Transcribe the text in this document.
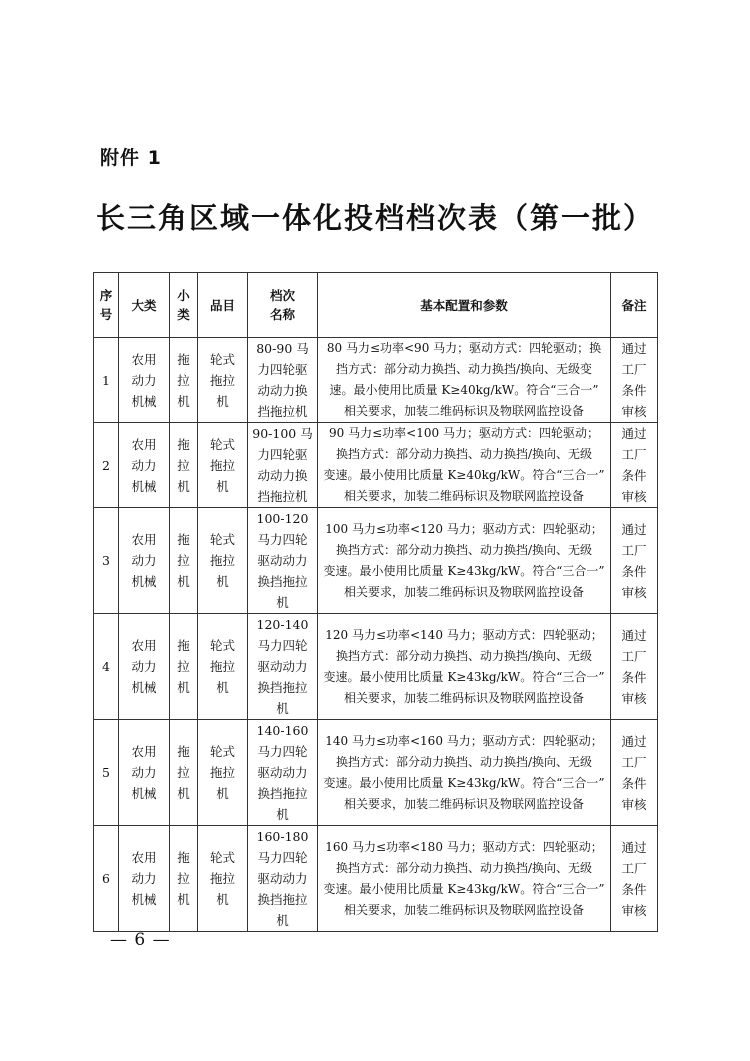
附件 1
长三角区域一体化投档档次表（第一批）
序
号	大类	小
类	品目	档次
名称	基本配置和参数	备注
1	农用
动力
机械	拖
拉
机	轮式
拖拉
机	80-90 马
力四轮驱
动动力换
挡拖拉机	80 马力≤功率<90 马力；驱动方式：四轮驱动；换
挡方式：部分动力换挡、动力换挡/换向、无级变
速。最小使用比质量 K≥40kg/kW。符合“三合一”
相关要求，加装二维码标识及物联网监控设备	通过
工厂
条件
审核

2	农用
动力
机械	拖
拉
机	轮式
拖拉
机	90-100 马
力四轮驱
动动力换
挡拖拉机	90 马力≤功率<100 马力；驱动方式：四轮驱动；
换挡方式：部分动力换挡、动力换挡/换向、无级
变速。最小使用比质量 K≥40kg/kW。符合“三合一”
相关要求，加装二维码标识及物联网监控设备	通过
工厂
条件
审核

3	农用
动力
机械	拖
拉
机	轮式
拖拉
机	100-120
马力四轮
驱动动力
换挡拖拉
机	100 马力≤功率<120 马力；驱动方式：四轮驱动；
换挡方式：部分动力换挡、动力换挡/换向、无级
变速。最小使用比质量 K≥43kg/kW。符合“三合一”
相关要求，加装二维码标识及物联网监控设备	通过
工厂
条件
审核

4	农用
动力
机械	拖
拉
机	轮式
拖拉
机	120-140
马力四轮
驱动动力
换挡拖拉
机	120 马力≤功率<140 马力；驱动方式：四轮驱动；
换挡方式：部分动力换挡、动力换挡/换向、无级
变速。最小使用比质量 K≥43kg/kW。符合“三合一”
相关要求，加装二维码标识及物联网监控设备	通过
工厂
条件
审核

5	农用
动力
机械	拖
拉
机	轮式
拖拉
机	140-160
马力四轮
驱动动力
换挡拖拉
机	140 马力≤功率<160 马力；驱动方式：四轮驱动；
换挡方式：部分动力换挡、动力换挡/换向、无级
变速。最小使用比质量 K≥43kg/kW。符合“三合一”
相关要求，加装二维码标识及物联网监控设备	通过
工厂
条件
审核

6	农用
动力
机械	拖
拉
机	轮式
拖拉
机	160-180
马力四轮
驱动动力
换挡拖拉
机	160 马力≤功率<180 马力；驱动方式：四轮驱动；
换挡方式：部分动力换挡、动力换挡/换向、无级
变速。最小使用比质量 K≥43kg/kW。符合“三合一”
相关要求，加装二维码标识及物联网监控设备	通过
工厂
条件
审核
— 6 —
